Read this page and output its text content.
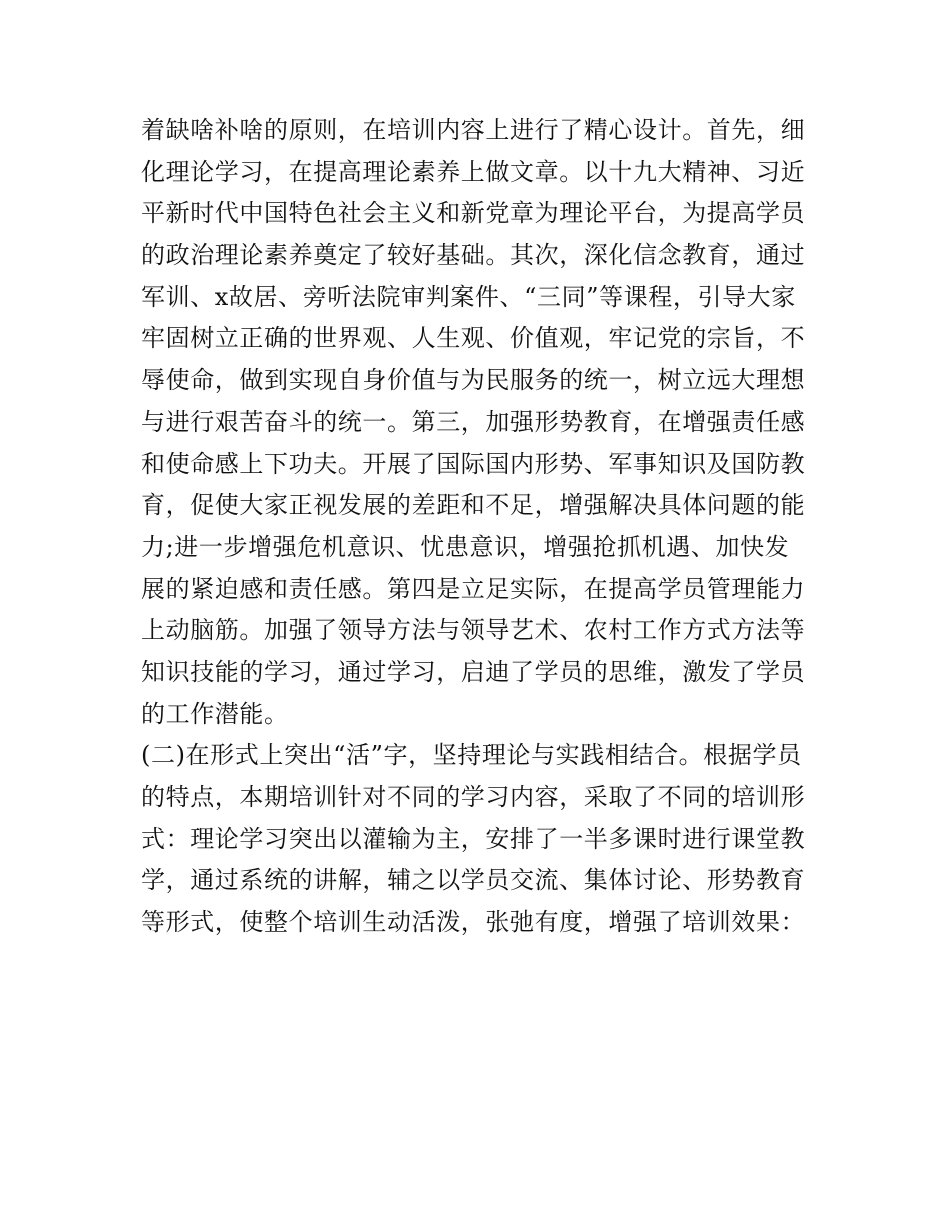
着缺啥补啥的原则，在培训内容上进行了精心设计。首先，细
化理论学习，在提高理论素养上做文章。以十九大精神、习近
平新时代中国特色社会主义和新党章为理论平台，为提高学员
的政治理论素养奠定了较好基础。其次，深化信念教育，通过
军训、x故居、旁听法院审判案件、“三同”等课程，引导大家
牢固树立正确的世界观、人生观、价值观，牢记党的宗旨，不
辱使命，做到实现自身价值与为民服务的统一，树立远大理想
与进行艰苦奋斗的统一。第三，加强形势教育，在增强责任感
和使命感上下功夫。开展了国际国内形势、军事知识及国防教
育，促使大家正视发展的差距和不足，增强解决具体问题的能
力;进一步增强危机意识、忧患意识，增强抢抓机遇、加快发
展的紧迫感和责任感。第四是立足实际，在提高学员管理能力
上动脑筋。加强了领导方法与领导艺术、农村工作方式方法等
知识技能的学习，通过学习，启迪了学员的思维，激发了学员
的工作潜能。
(二)在形式上突出“活”字，坚持理论与实践相结合。根据学员
的特点，本期培训针对不同的学习内容，采取了不同的培训形
式：理论学习突出以灌输为主，安排了一半多课时进行课堂教
学，通过系统的讲解，辅之以学员交流、集体讨论、形势教育
等形式，使整个培训生动活泼，张弛有度，增强了培训效果：
